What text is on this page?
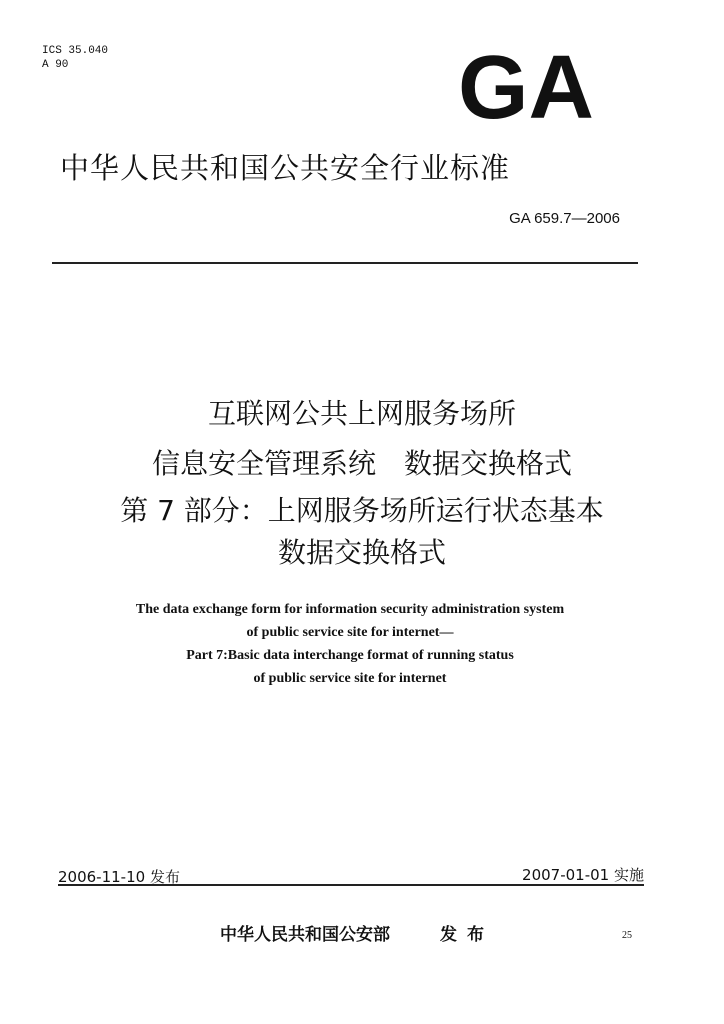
ICS 35.040
A 90	GA
中华人民共和国公共安全行业标准
GA 659.7—2006
互联网公共上网服务场所
信息安全管理系统　数据交换格式
第 7 部分：上网服务场所运行状态基本
数据交换格式
The data exchange form for information security administration system
of public service site for internet—
Part 7:Basic data interchange format of running status
of public service site for internet
2006-11-10 发布	2007-01-01 实施
中华人民共和国公安部	发布	25
